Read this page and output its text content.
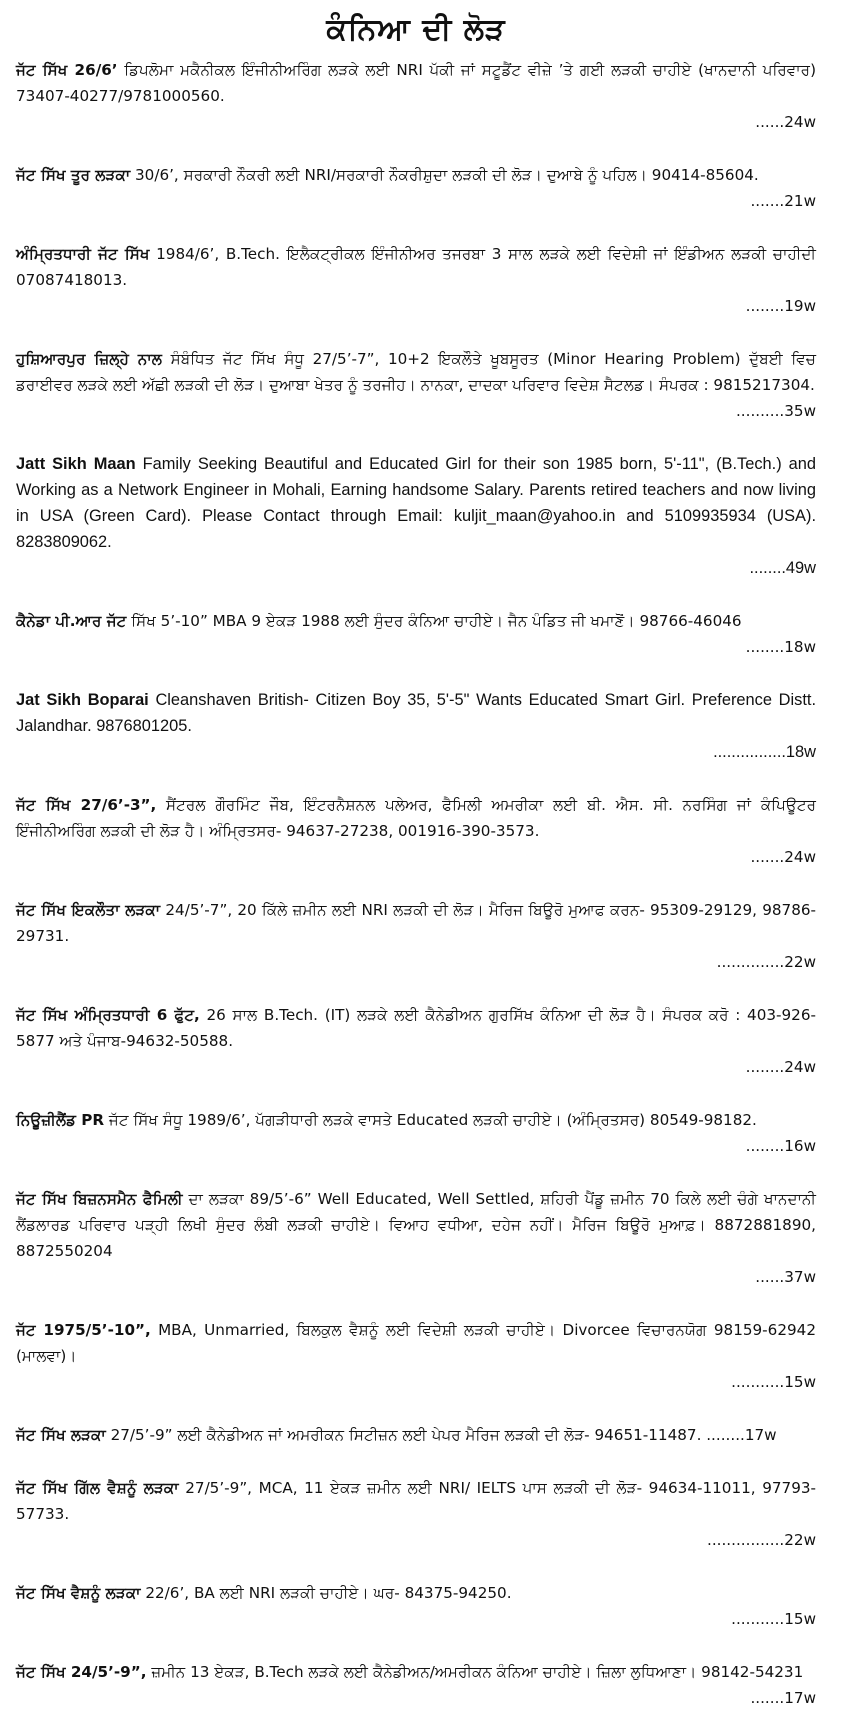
ਕੰਨਿਆ ਦੀ ਲੋੜ

ਜੱਟ ਸਿੱਖ 26/6’ ਡਿਪਲੋਮਾ ਮਕੈਨੀਕਲ ਇੰਜੀਨੀਅਰਿੰਗ ਲੜਕੇ ਲਈ NRI ਪੱਕੀ ਜਾਂ ਸਟੂਡੈਂਟ ਵੀਜ਼ੇ ’ਤੇ ਗਈ ਲੜਕੀ ਚਾਹੀਏ (ਖਾਨਦਾਨੀ ਪਰਿਵਾਰ) 73407-40277/9781000560.
......24w

ਜੱਟ ਸਿੱਖ ਤੂਰ ਲੜਕਾ 30/6’, ਸਰਕਾਰੀ ਨੌਕਰੀ ਲਈ NRI/ਸਰਕਾਰੀ ਨੌਕਰੀਸ਼ੁਦਾ ਲੜਕੀ ਦੀ ਲੋੜ। ਦੁਆਬੇ ਨੂੰ ਪਹਿਲ। 90414-85604.
.......21w

ਅੰਮ੍ਰਿਤਧਾਰੀ ਜੱਟ ਸਿੱਖ 1984/6’, B.Tech. ਇਲੈਕਟ੍ਰੀਕਲ ਇੰਜੀਨੀਅਰ ਤਜਰਬਾ 3 ਸਾਲ ਲੜਕੇ ਲਈ ਵਿਦੇਸ਼ੀ ਜਾਂ ਇੰਡੀਅਨ ਲੜਕੀ ਚਾਹੀਦੀ 07087418013.
........19w

ਹੁਸ਼ਿਆਰਪੁਰ ਜ਼ਿਲ੍ਹੇ ਨਾਲ ਸੰਬੰਧਿਤ ਜੱਟ ਸਿੱਖ ਸੰਧੂ 27/5’-7”, 10+2 ਇਕਲੌਤੇ ਖੂਬਸੂਰਤ (Minor Hearing Problem) ਦੁੱਬਈ ਵਿਚ ਡਰਾਈਵਰ ਲੜਕੇ ਲਈ ਅੱਛੀ ਲੜਕੀ ਦੀ ਲੋੜ। ਦੁਆਬਾ ਖੇਤਰ ਨੂੰ ਤਰਜੀਹ। ਨਾਨਕਾ, ਦਾਦਕਾ ਪਰਿਵਾਰ ਵਿਦੇਸ਼ ਸੈਟਲਡ। ਸੰਪਰਕ : 9815217304.
..........35w

Jatt Sikh Maan Family Seeking Beautiful and Educated Girl for their son 1985 born, 5'-11", (B.Tech.) and Working as a Network Engineer in Mohali, Earning handsome Salary. Parents retired teachers and now living in USA (Green Card). Please Contact through Email: kuljit_maan@yahoo.in and 5109935934 (USA). 8283809062.
........49w

ਕੈਨੇਡਾ ਪੀ.ਆਰ ਜੱਟ ਸਿੱਖ 5’-10” MBA 9 ਏਕੜ 1988 ਲਈ ਸੁੰਦਰ ਕੰਨਿਆ ਚਾਹੀਏ। ਜੈਨ ਪੰਡਿਤ ਜੀ ਖਮਾਣੋਂ। 98766-46046
........18w

Jat Sikh Boparai Cleanshaven British- Citizen Boy 35, 5'-5" Wants Educated Smart Girl. Preference Distt. Jalandhar. 9876801205.
................18w

ਜੱਟ ਸਿੱਖ 27/6’-3”, ਸੈਂਟਰਲ ਗੌਰਮਿੰਟ ਜੌਬ, ਇੰਟਰਨੈਸ਼ਨਲ ਪਲੇਅਰ, ਫੈਮਿਲੀ ਅਮਰੀਕਾ ਲਈ ਬੀ. ਐਸ. ਸੀ. ਨਰਸਿੰਗ ਜਾਂ ਕੰਪਿਊਟਰ ਇੰਜੀਨੀਅਰਿੰਗ ਲੜਕੀ ਦੀ ਲੋੜ ਹੈ। ਅੰਮ੍ਰਿਤਸਰ- 94637-27238, 001916-390-3573.
.......24w

ਜੱਟ ਸਿੱਖ ਇਕਲੌਤਾ ਲੜਕਾ 24/5’-7”, 20 ਕਿੱਲੇ ਜ਼ਮੀਨ ਲਈ NRI ਲੜਕੀ ਦੀ ਲੋੜ। ਮੈਰਿਜ ਬਿਊਰੋ ਮੁਆਫ ਕਰਨ- 95309-29129, 98786-29731.
..............22w

ਜੱਟ ਸਿੱਖ ਅੰਮ੍ਰਿਤਧਾਰੀ 6 ਫੁੱਟ, 26 ਸਾਲ B.Tech. (IT) ਲੜਕੇ ਲਈ ਕੈਨੇਡੀਅਨ ਗੁਰਸਿੱਖ ਕੰਨਿਆ ਦੀ ਲੋੜ ਹੈ। ਸੰਪਰਕ ਕਰੋ : 403-926-5877 ਅਤੇ ਪੰਜਾਬ-94632-50588.
........24w

ਨਿਊਜ਼ੀਲੈਂਡ PR ਜੱਟ ਸਿੱਖ ਸੰਧੂ 1989/6’, ਪੱਗੜੀਧਾਰੀ ਲੜਕੇ ਵਾਸਤੇ Educated ਲੜਕੀ ਚਾਹੀਏ। (ਅੰਮ੍ਰਿਤਸਰ) 80549-98182.
........16w

ਜੱਟ ਸਿੱਖ ਬਿਜ਼ਨਸਮੈਨ ਫੈਮਿਲੀ ਦਾ ਲੜਕਾ 89/5’-6” Well Educated, Well Settled, ਸ਼ਹਿਰੀ ਪੈਂਡੂ ਜ਼ਮੀਨ 70 ਕਿਲੇ ਲਈ ਚੰਗੇ ਖਾਨਦਾਨੀ ਲੈਂਡਲਾਰਡ ਪਰਿਵਾਰ ਪੜ੍ਹੀ ਲਿਖੀ ਸੁੰਦਰ ਲੰਬੀ ਲੜਕੀ ਚਾਹੀਏ। ਵਿਆਹ ਵਧੀਆ, ਦਹੇਜ ਨਹੀਂ। ਮੈਰਿਜ ਬਿਊਰੋ ਮੁਆਫ਼। 8872881890, 8872550204
......37w

ਜੱਟ 1975/5’-10”, MBA, Unmarried, ਬਿਲਕੁਲ ਵੈਸ਼ਨੂੰ ਲਈ ਵਿਦੇਸ਼ੀ ਲੜਕੀ ਚਾਹੀਏ। Divorcee ਵਿਚਾਰਨਯੋਗ 98159-62942 (ਮਾਲਵਾ)।
...........15w

ਜੱਟ ਸਿੱਖ ਲੜਕਾ 27/5’-9” ਲਈ ਕੈਨੇਡੀਅਨ ਜਾਂ ਅਮਰੀਕਨ ਸਿਟੀਜ਼ਨ ਲਈ ਪੇਪਰ ਮੈਰਿਜ ਲੜਕੀ ਦੀ ਲੋੜ- 94651-11487. ........17w

ਜੱਟ ਸਿੱਖ ਗਿੱਲ ਵੈਸ਼ਨੂੰ ਲੜਕਾ 27/5’-9”, MCA, 11 ਏਕੜ ਜ਼ਮੀਨ ਲਈ NRI/ IELTS ਪਾਸ ਲੜਕੀ ਦੀ ਲੋੜ- 94634-11011, 97793-57733.
................22w

ਜੱਟ ਸਿੱਖ ਵੈਸ਼ਨੂੰ ਲੜਕਾ 22/6’, BA ਲਈ NRI ਲੜਕੀ ਚਾਹੀਏ। ਘਰ- 84375-94250.
...........15w

ਜੱਟ ਸਿੱਖ 24/5’-9”, ਜ਼ਮੀਨ 13 ਏਕੜ, B.Tech ਲੜਕੇ ਲਈ ਕੈਨੇਡੀਅਨ/ਅਮਰੀਕਨ ਕੰਨਿਆ ਚਾਹੀਏ। ਜ਼ਿਲਾ ਲੁਧਿਆਣਾ। 98142-54231
.......17w
